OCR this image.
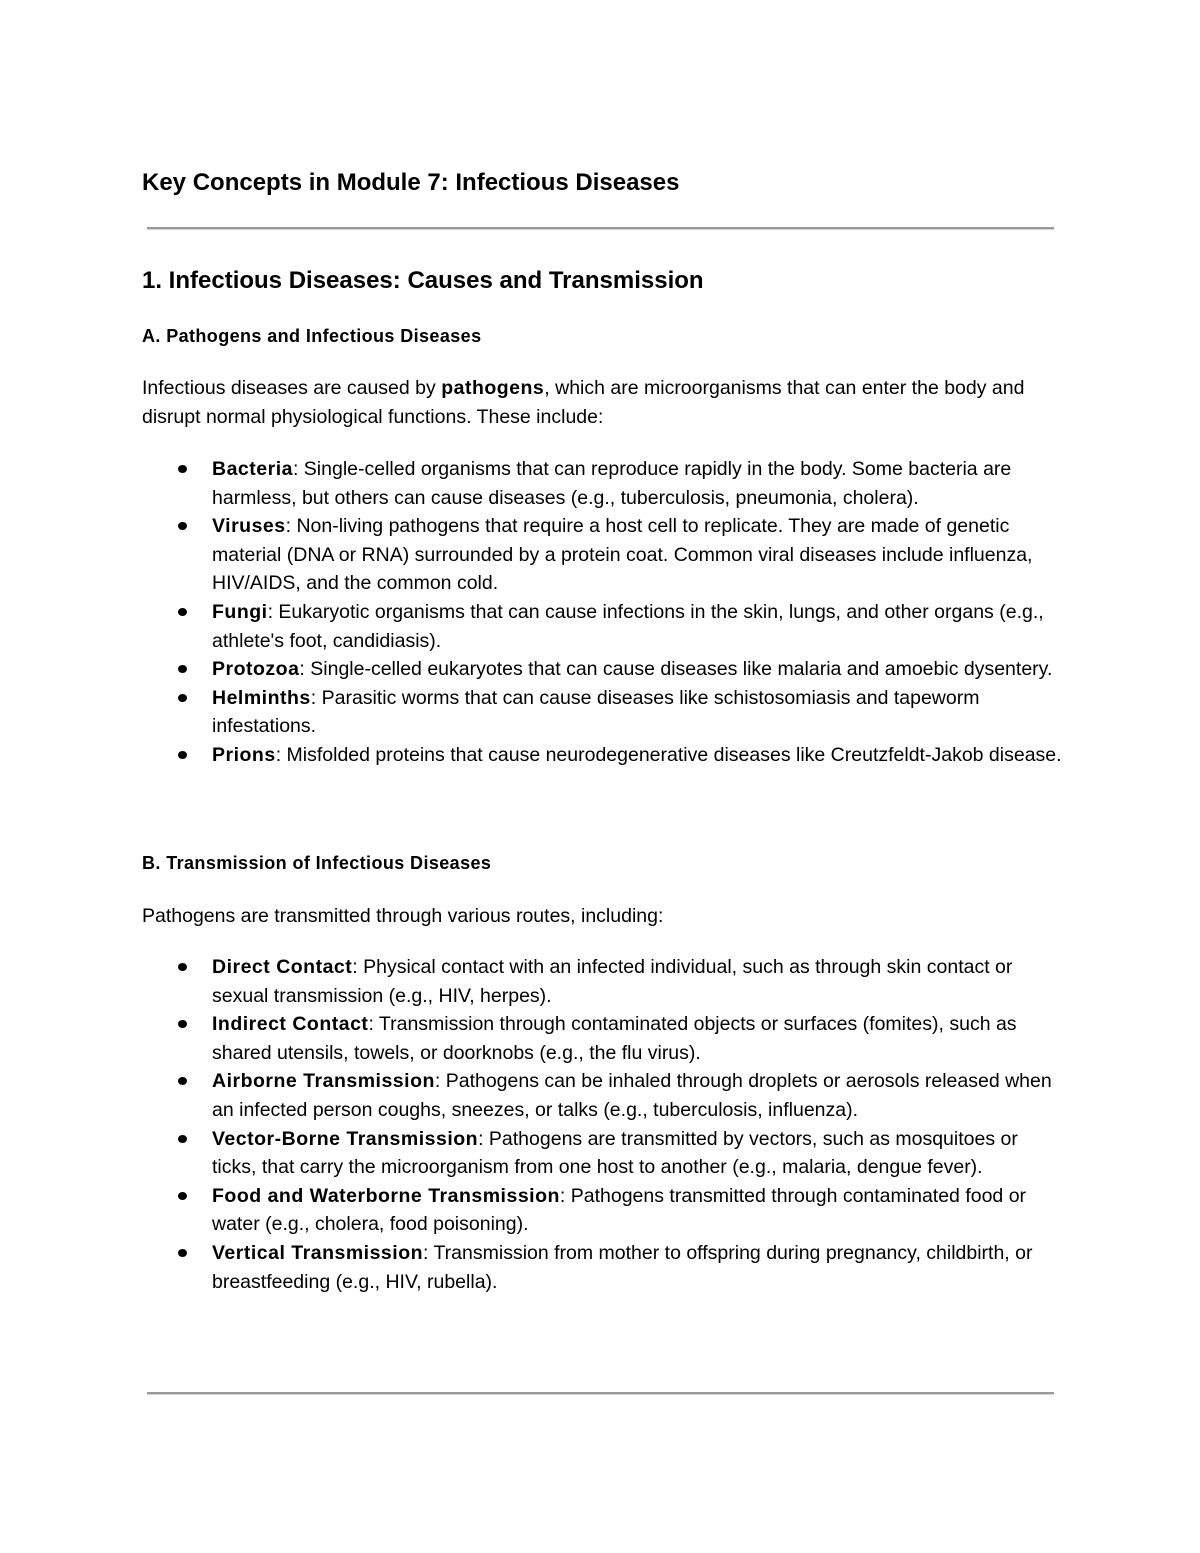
Key Concepts in Module 7: Infectious Diseases
1. Infectious Diseases: Causes and Transmission
A. Pathogens and Infectious Diseases

Infectious diseases are caused by pathogens, which are microorganisms that can enter the body and disrupt normal physiological functions. These include:

Bacteria: Single-celled organisms that can reproduce rapidly in the body. Some bacteria are harmless, but others can cause diseases (e.g., tuberculosis, pneumonia, cholera).
Viruses: Non-living pathogens that require a host cell to replicate. They are made of genetic material (DNA or RNA) surrounded by a protein coat. Common viral diseases include influenza, HIV/AIDS, and the common cold.
Fungi: Eukaryotic organisms that can cause infections in the skin, lungs, and other organs (e.g., athlete's foot, candidiasis).
Protozoa: Single-celled eukaryotes that can cause diseases like malaria and amoebic dysentery.
Helminths: Parasitic worms that can cause diseases like schistosomiasis and tapeworm infestations.
Prions: Misfolded proteins that cause neurodegenerative diseases like Creutzfeldt-Jakob disease.
B. Transmission of Infectious Diseases

Pathogens are transmitted through various routes, including:

Direct Contact: Physical contact with an infected individual, such as through skin contact or sexual transmission (e.g., HIV, herpes).
Indirect Contact: Transmission through contaminated objects or surfaces (fomites), such as shared utensils, towels, or doorknobs (e.g., the flu virus).
Airborne Transmission: Pathogens can be inhaled through droplets or aerosols released when an infected person coughs, sneezes, or talks (e.g., tuberculosis, influenza).
Vector-Borne Transmission: Pathogens are transmitted by vectors, such as mosquitoes or ticks, that carry the microorganism from one host to another (e.g., malaria, dengue fever).
Food and Waterborne Transmission: Pathogens transmitted through contaminated food or water (e.g., cholera, food poisoning).
Vertical Transmission: Transmission from mother to offspring during pregnancy, childbirth, or breastfeeding (e.g., HIV, rubella).
